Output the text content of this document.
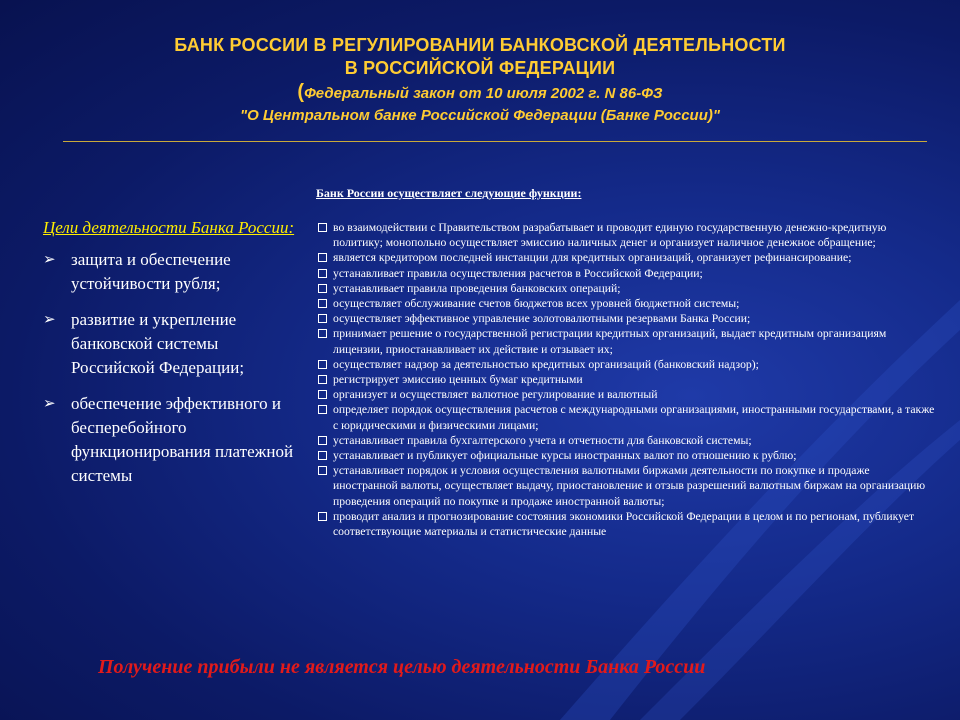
БАНК РОССИИ В РЕГУЛИРОВАНИИ БАНКОВСКОЙ ДЕЯТЕЛЬНОСТИ
В РОССИЙСКОЙ ФЕДЕРАЦИИ
(Федеральный закон от 10 июля 2002 г. N 86-ФЗ
"О Центральном банке Российской Федерации (Банке России)"
Цели деятельности Банка России:
➢ защита и обеспечение устойчивости рубля;
➢ развитие и укрепление банковской системы Российской Федерации;
➢ обеспечение эффективного и бесперебойного функционирования платежной системы
Банк России осуществляет следующие функции:
во взаимодействии с Правительством разрабатывает и проводит единую государственную денежно-кредитную политику; монопольно осуществляет эмиссию наличных денег и организует наличное денежное обращение;
является кредитором последней инстанции для кредитных организаций, организует рефинансирование;
устанавливает правила осуществления расчетов в Российской Федерации;
устанавливает правила проведения банковских операций;
осуществляет обслуживание счетов бюджетов всех уровней бюджетной системы;
осуществляет эффективное управление золотовалютными резервами Банка России;
принимает решение о государственной регистрации кредитных организаций, выдает кредитным организациям лицензии, приостанавливает их действие и отзывает их;
осуществляет надзор за деятельностью кредитных организаций (банковский надзор);
регистрирует эмиссию ценных бумаг кредитными
организует и осуществляет валютное регулирование и валютный
определяет порядок осуществления расчетов с международными организациями, иностранными государствами, а также с юридическими и физическими лицами;
устанавливает правила бухгалтерского учета и отчетности для банковской системы;
устанавливает и публикует официальные курсы иностранных валют по отношению к рублю;
устанавливает порядок и условия осуществления валютными биржами деятельности по покупке и продаже иностранной валюты, осуществляет выдачу, приостановление и отзыв разрешений валютным биржам на организацию проведения операций по покупке и продаже иностранной валюты;
проводит анализ и прогнозирование состояния экономики Российской Федерации в целом и по регионам, публикует соответствующие материалы и статистические данные
Получение прибыли не является целью деятельности Банка России
